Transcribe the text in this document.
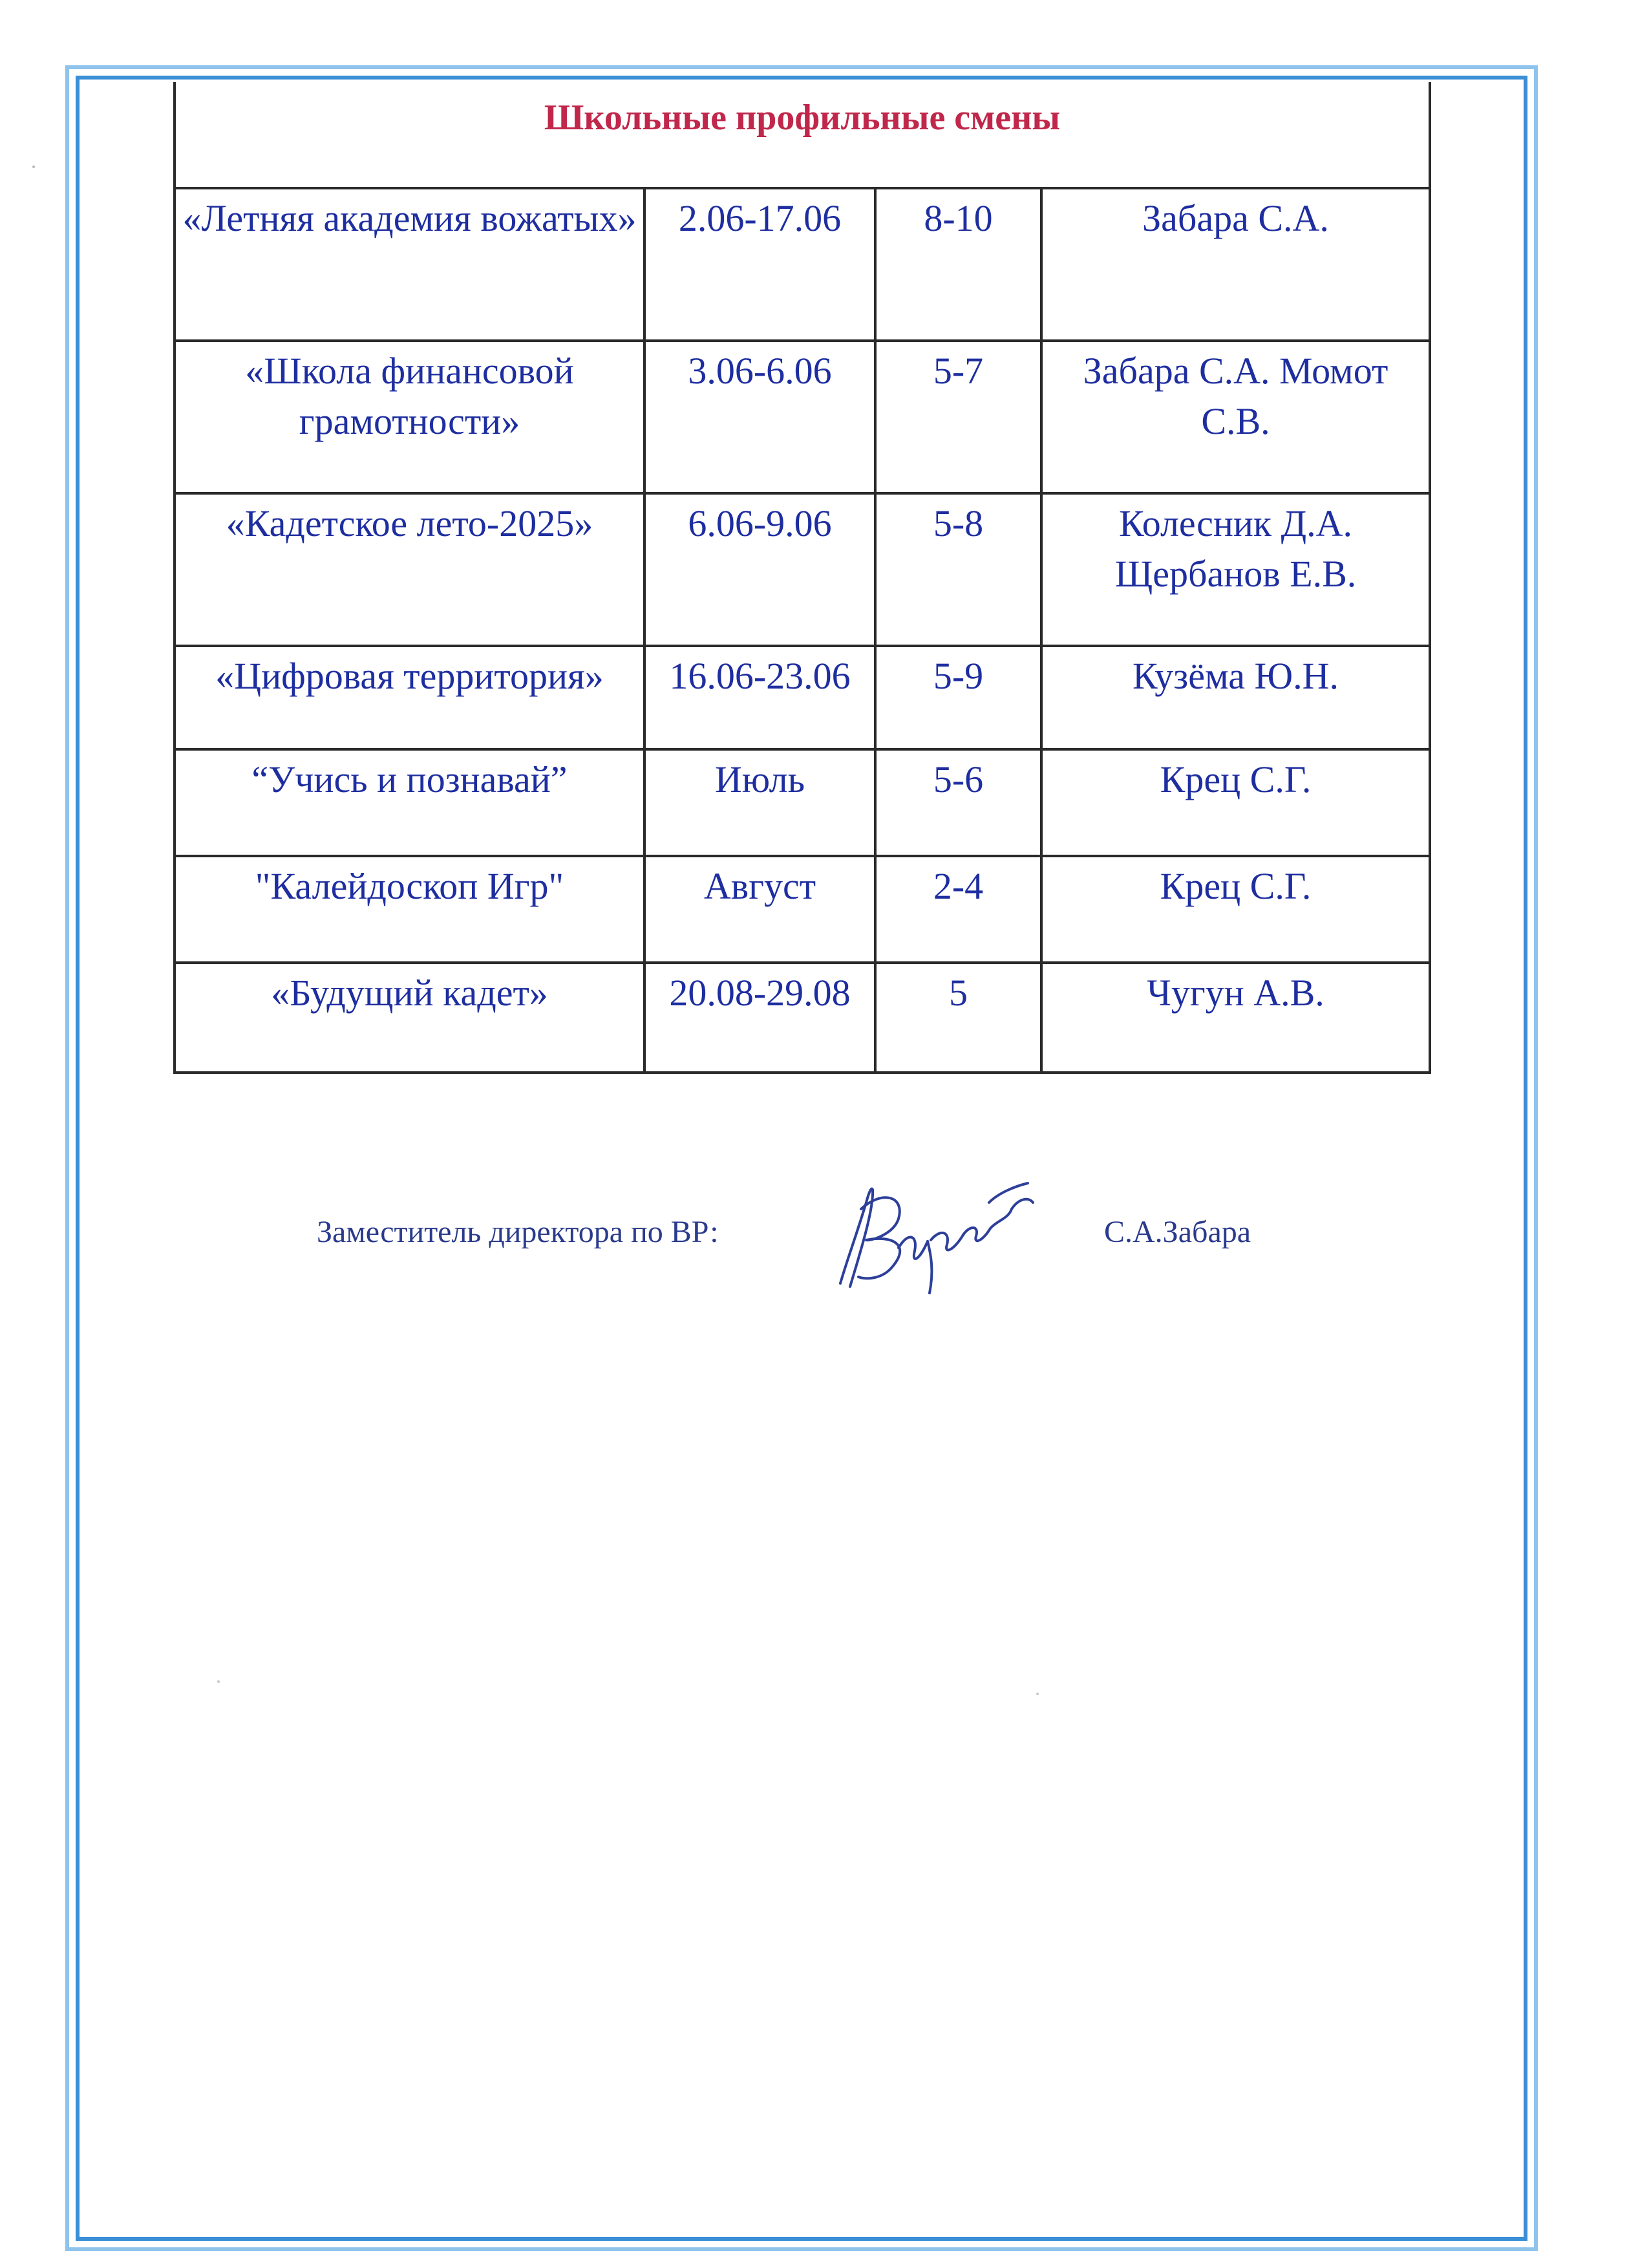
Школьные профильные смены			
«Летняя академия вожатых»	2.06-17.06	8-10	Забара С.А.
«Школа финансовой грамотности»	3.06-6.06	5-7	Забара С.А. Момот С.В.
«Кадетское лето-2025»	6.06-9.06	5-8	Колесник Д.А. Щербанов Е.В.
«Цифровая территория»	16.06-23.06	5-9	Кузёма Ю.Н.
“Учись и познавай”	Июль	5-6	Крец С.Г.
"Калейдоскоп Игр"	Август	2-4	Крец С.Г.
«Будущий кадет»	20.08-29.08	5	Чугун А.В.
Заместитель директора по ВР:	С.А.Забара
